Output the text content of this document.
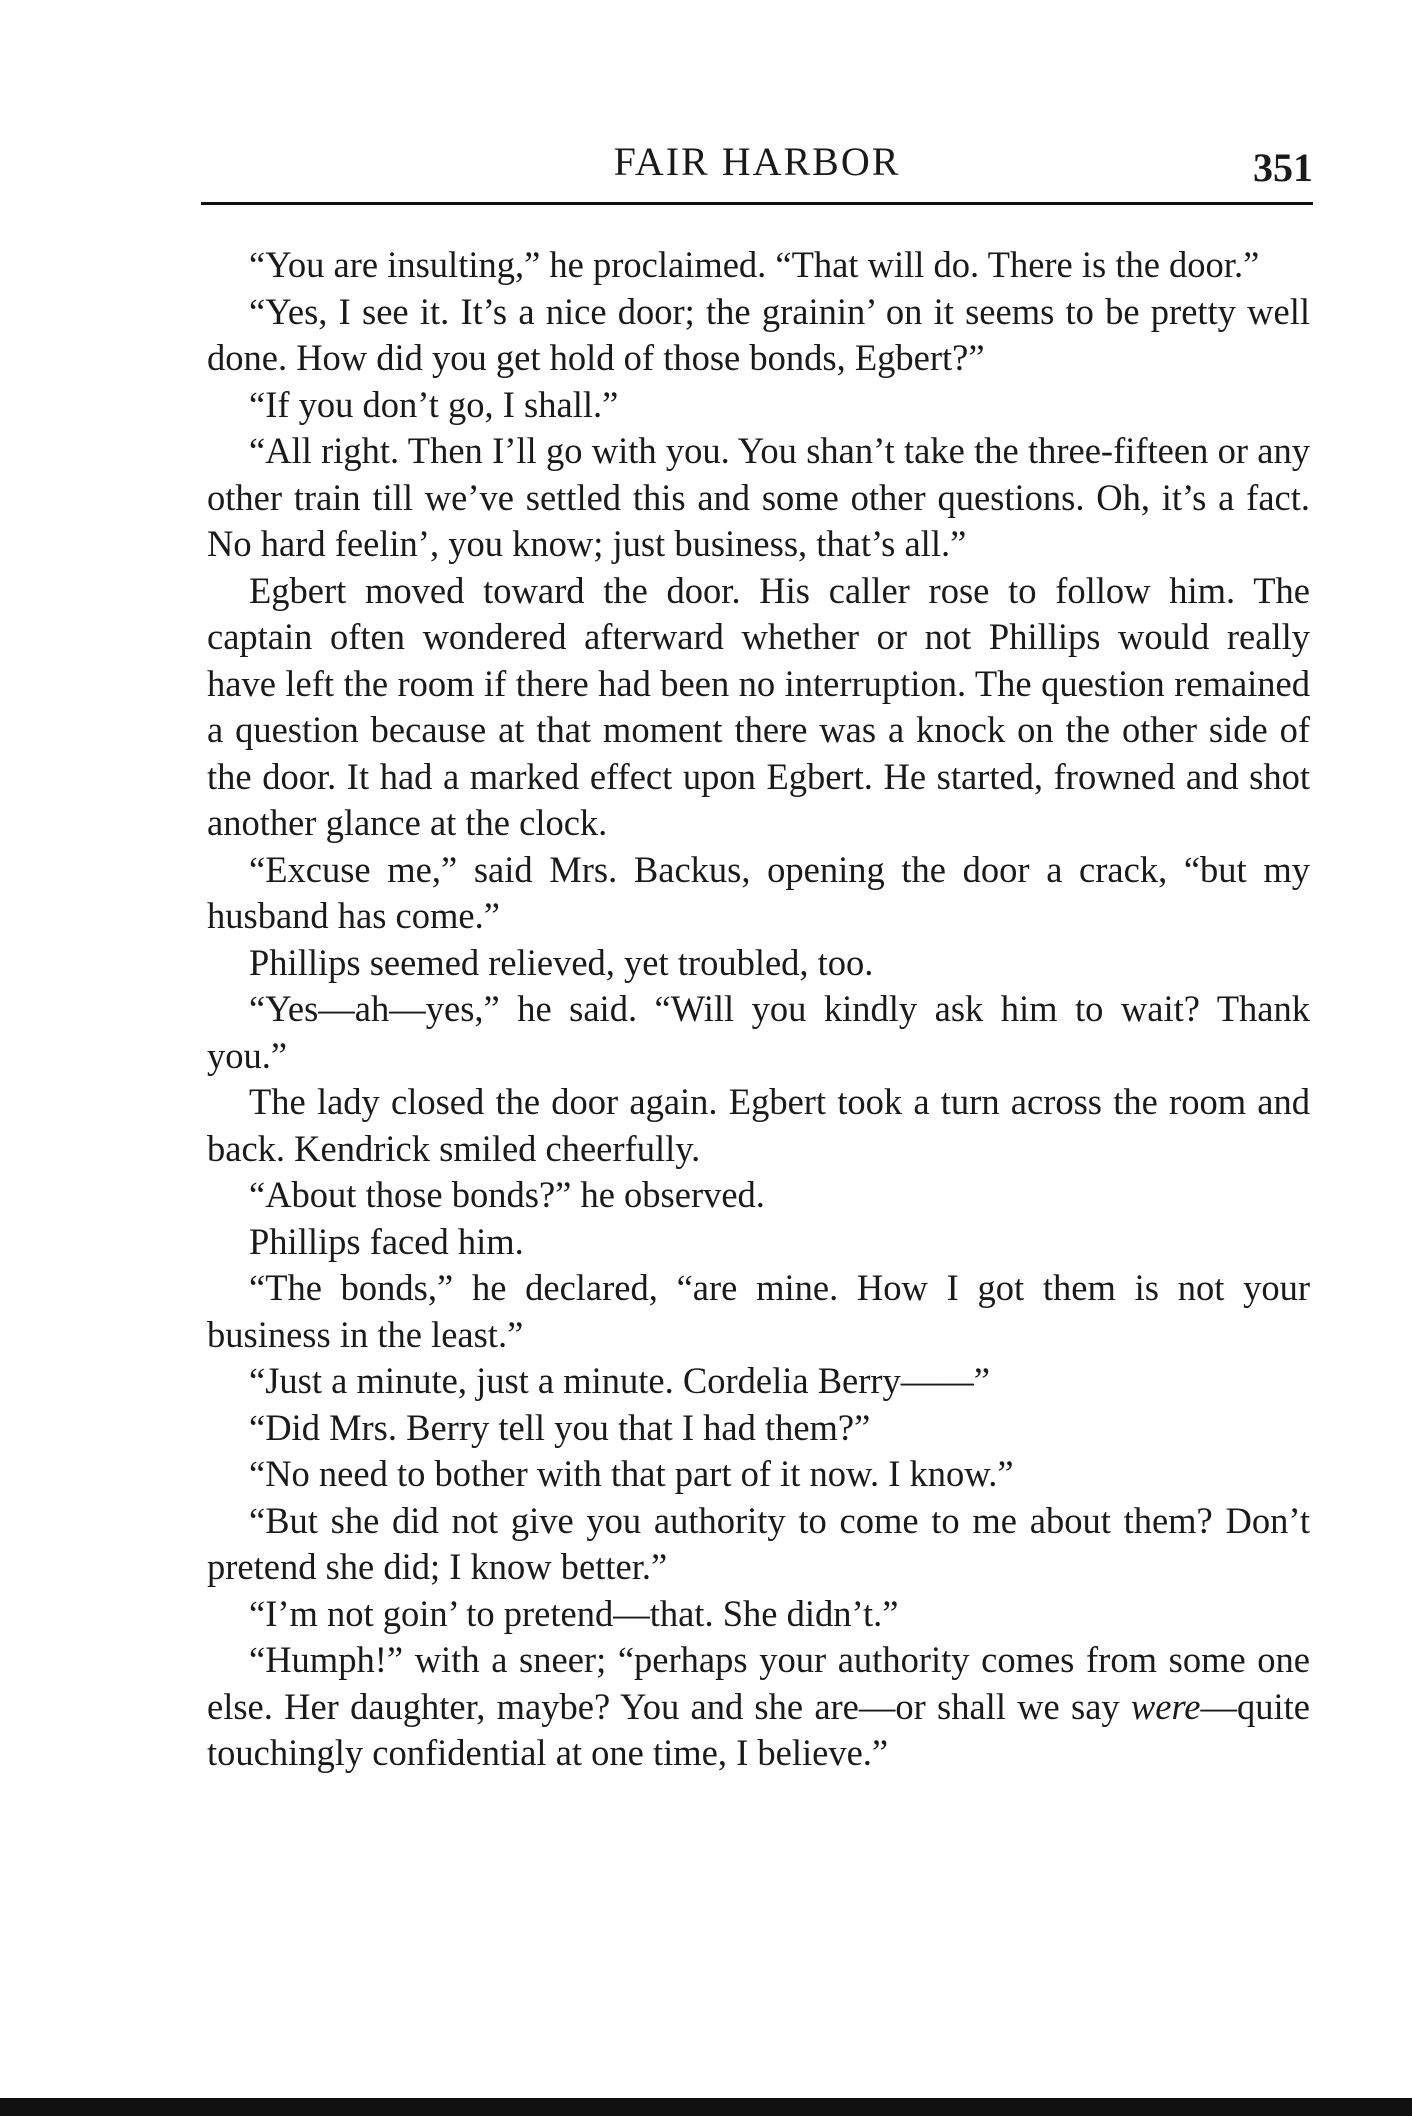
FAIR HARBOR	351

“You are insulting,” he proclaimed. “That will do. There is the door.”

“Yes, I see it. It’s a nice door; the grainin’ on it seems to be pretty well done. How did you get hold of those bonds, Egbert?”

“If you don’t go, I shall.”

“All right. Then I’ll go with you. You shan’t take the three-fifteen or any other train till we’ve settled this and some other questions. Oh, it’s a fact. No hard feelin’, you know; just business, that’s all.”

Egbert moved toward the door. His caller rose to follow him. The captain often wondered afterward whether or not Phillips would really have left the room if there had been no interruption. The question remained a question because at that moment there was a knock on the other side of the door. It had a marked effect upon Egbert. He started, frowned and shot another glance at the clock.

“Excuse me,” said Mrs. Backus, opening the door a crack, “but my husband has come.”

Phillips seemed relieved, yet troubled, too.

“Yes—ah—yes,” he said. “Will you kindly ask him to wait? Thank you.”

The lady closed the door again. Egbert took a turn across the room and back. Kendrick smiled cheerfully.

“About those bonds?” he observed.

Phillips faced him.

“The bonds,” he declared, “are mine. How I got them is not your business in the least.”

“Just a minute, just a minute. Cordelia Berry——”

“Did Mrs. Berry tell you that I had them?”

“No need to bother with that part of it now. I know.”

“But she did not give you authority to come to me about them? Don’t pretend she did; I know better.”

“I’m not goin’ to pretend—that. She didn’t.”

“Humph!” with a sneer; “perhaps your authority comes from some one else. Her daughter, maybe? You and she are—or shall we say were—quite touchingly confidential at one time, I believe.”
